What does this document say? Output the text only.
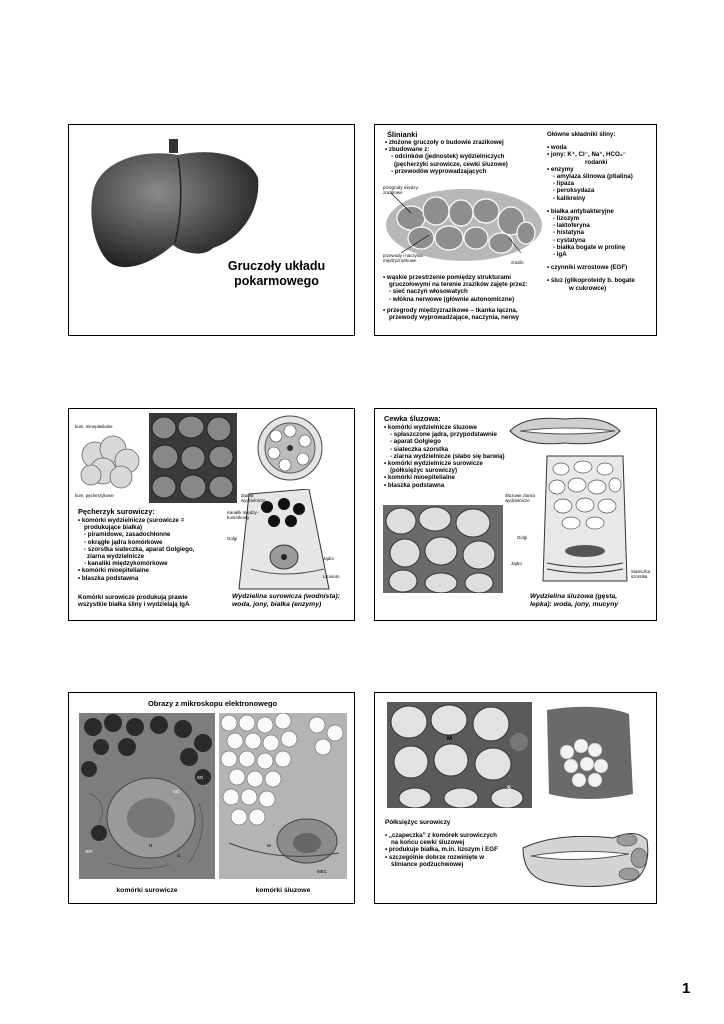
Gruczoły układu
pokarmowego
Ślinianki
• złożone gruczoły o budowie zrazikowej
• zbudowane z:
- odcinków (jednostek) wydzielniczych
(pęcherzyki surowicze, cewki śluzowe)
- przewodów wyprowadzających
przegrody między-
zrazikowe
przewody i naczynia
międzyzrazikowe	zraziki
• wąskie przestrzenie pomiędzy strukturami
gruczołowymi na terenie zrazików zajęte przez:
- sieć naczyń włosowatych
- włókna nerwowe (głównie autonomiczne)
• przegrody międzyzrazikowe – tkanka łączna,
przewody wyprowadzające, naczynia, nerwy
Główne składniki śliny:
• woda
• jony: K⁺, Cl⁻, Na⁺, HCO₃⁻
rodanki
• enzymy
- amylaza ślinowa (ptialina)
- lipaza
- peroksydaza
- kalikreiny
• białka antybakteryjne
- lizozym
- laktoferyna
- histatyna
- cystatyna
- białka bogate w prolinę
- IgA
• czynniki wzrostowe (EGF)
• śluz (glikoproteidy b. bogate
w cukrowce)
kom. mioepitelialne
kom. pęcherzykowe	Ziarna
wydzielnicze
Kanalik między-
komórkowy
Golgi
Jądro
Lizosom
Pęcherzyk surowiczy:
• komórki wydzielnicze (surowicze =
produkujące białka)
- piramidowe, zasadochłonne
- okrągłe jądra komórkowe
- szorstka siateczka, aparat Golgiego,
ziarna wydzielnicze
- kanaliki międzykomórkowe
• komórki mioepitelialne
• blaszka podstawna
Komórki surowicze produkują prawie
wszystkie białka śliny i wydzielają IgA
Wydzielina surowicza (wodnista):
woda, jony, białka (enzymy)
Cewka śluzowa:
• komórki wydzielnicze śluzowe
- spłaszczone jądra, przypodstawnie
- aparat Golgiego
- siateczka szorstka
- ziarna wydzielnicze (słabo się barwią)
• komórki wydzielnicze surowicze
(półksiężyc surowiczy)
• komórki mioepitelialne
• blaszka podstawna
Śluzowe ziarna
wydzielnicze
Golgi
Jądro
Siateczka
szorstka
Wydzielina śluzowa (gęsta,
lepka): woda, jony, mucyny
Obrazy z mikroskopu elektronowego
SG
SG
rER
N
G
MG
M
MEC
komórki surowicze	komórki śluzowe
M
S
Półksiężyc surowiczy
• „czapeczka” z komórek surowiczych
na końcu cewki śluzowej
• produkuje białka, m.in. lizozym i EGF
• szczególnie dobrze rozwinięte w
śliniance podżuchwowej
1
